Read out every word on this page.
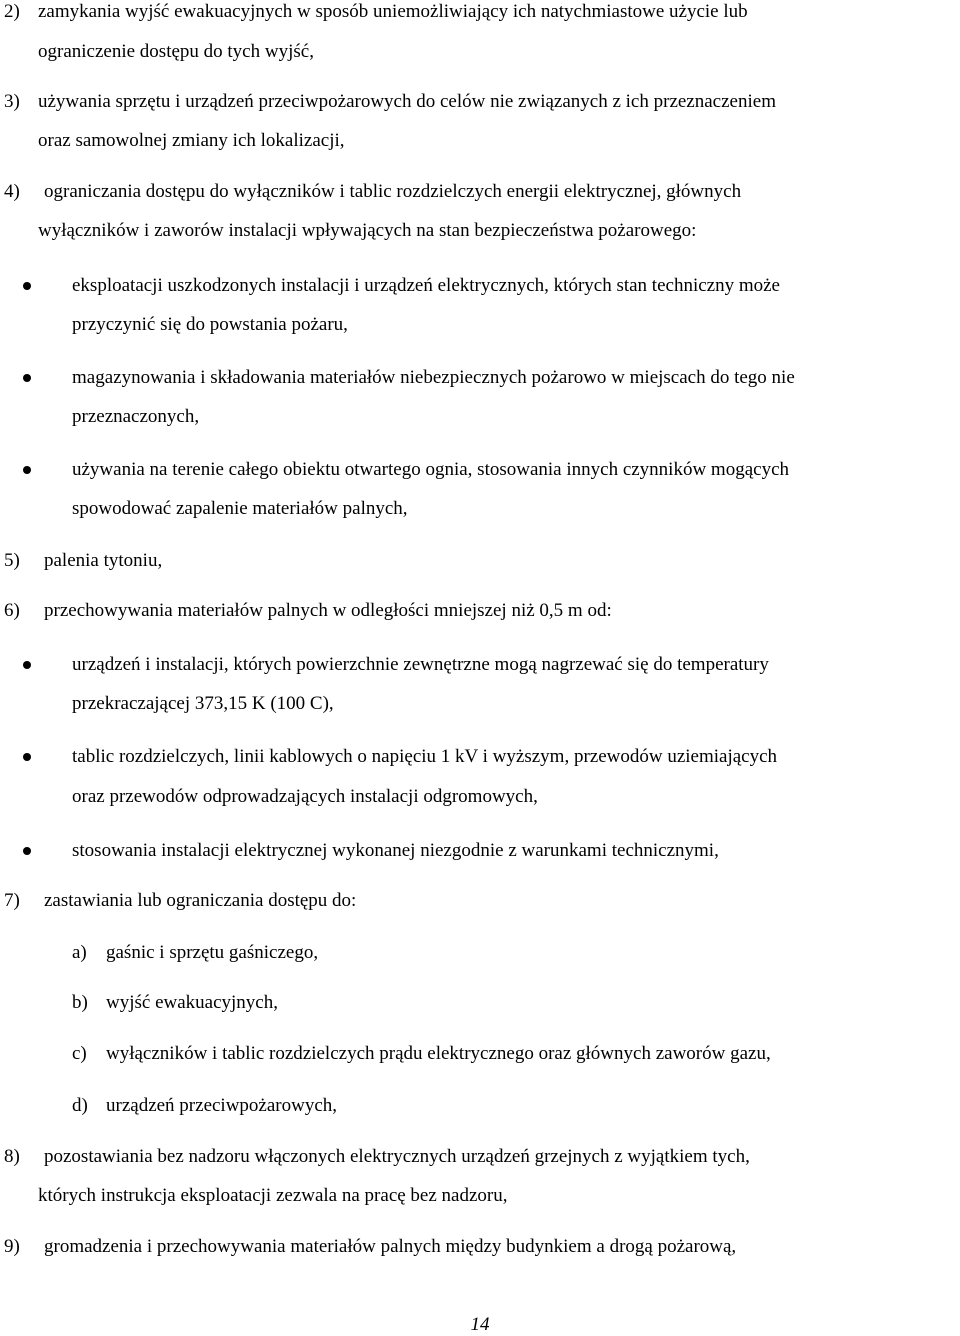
2) zamykania wyjść ewakuacyjnych w sposób uniemożliwiający ich natychmiastowe użycie lub
ograniczenie dostępu do tych wyjść,
3) używania sprzętu i urządzeń przeciwpożarowych do celów nie związanych z ich przeznaczeniem
oraz samowolnej zmiany ich lokalizacji,
4) ograniczania dostępu do wyłączników i tablic rozdzielczych energii elektrycznej, głównych
wyłączników i zaworów instalacji wpływających na stan bezpieczeństwa pożarowego:
eksploatacji uszkodzonych instalacji i urządzeń elektrycznych, których stan techniczny może
przyczynić się do powstania pożaru,
magazynowania i składowania materiałów niebezpiecznych pożarowo w miejscach do tego nie
przeznaczonych,
używania na terenie całego obiektu otwartego ognia, stosowania innych czynników mogących
spowodować zapalenie materiałów palnych,
5) palenia tytoniu,
6) przechowywania materiałów palnych w odległości mniejszej niż 0,5 m od:
urządzeń i instalacji, których powierzchnie zewnętrzne mogą nagrzewać się do temperatury
przekraczającej 373,15 K (100 C),
tablic rozdzielczych, linii kablowych o napięciu 1 kV i wyższym, przewodów uziemiających
oraz przewodów odprowadzających instalacji odgromowych,
stosowania instalacji elektrycznej wykonanej niezgodnie z warunkami technicznymi,
7) zastawiania lub ograniczania dostępu do:
a) gaśnic i sprzętu gaśniczego,
b) wyjść ewakuacyjnych,
c) wyłączników i tablic rozdzielczych prądu elektrycznego oraz głównych zaworów gazu,
d) urządzeń przeciwpożarowych,
8) pozostawiania bez nadzoru włączonych elektrycznych urządzeń grzejnych z wyjątkiem tych,
których instrukcja eksploatacji zezwala na pracę bez nadzoru,
9) gromadzenia i przechowywania materiałów palnych między budynkiem a drogą pożarową,
14
